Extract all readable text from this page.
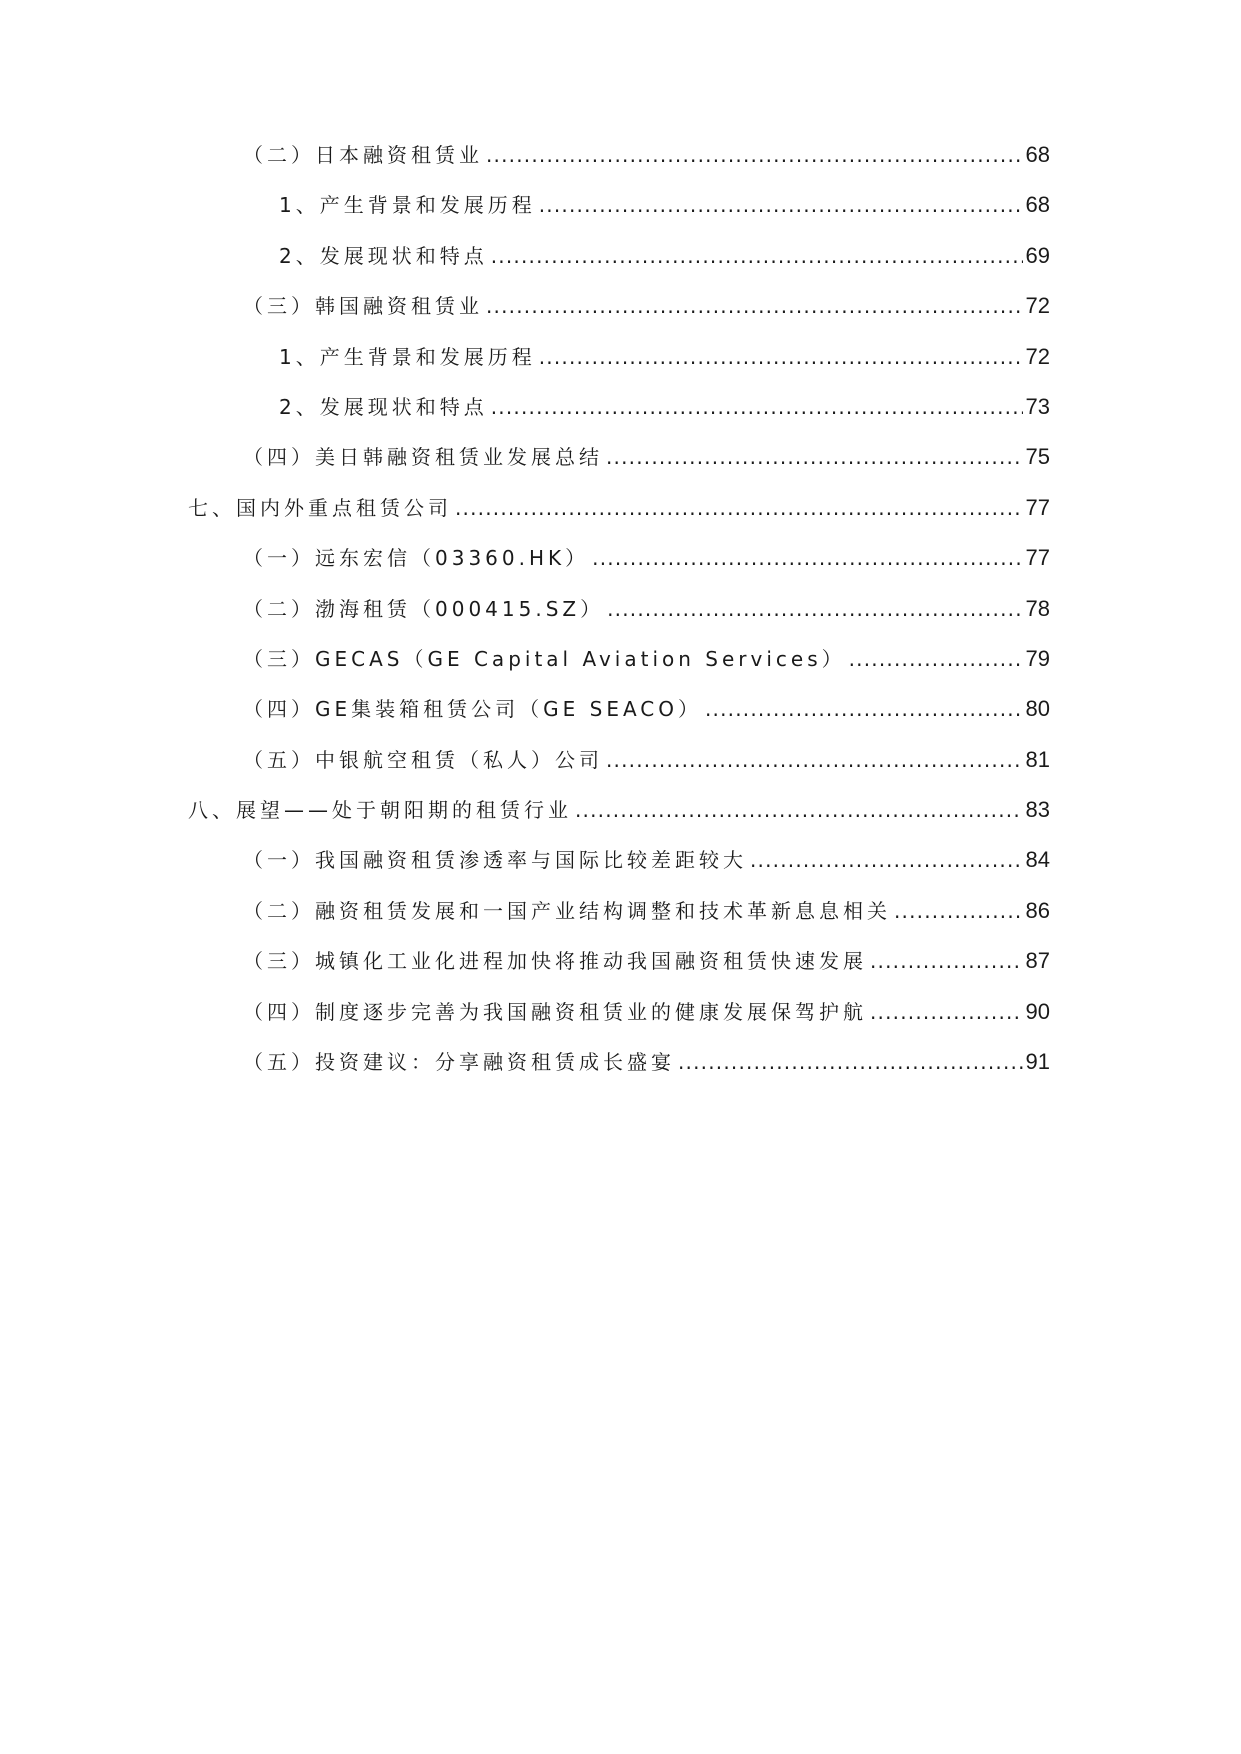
（二）日本融资租赁业 .....	68
1、产生背景和发展历程 .....	68
2、发展现状和特点 .....	69
（三）韩国融资租赁业 .....	72
1、产生背景和发展历程 .....	72
2、发展现状和特点 .....	73
（四）美日韩融资租赁业发展总结 .....	75
七、国内外重点租赁公司 .....	77
（一）远东宏信（03360.HK） .....	77
（二）渤海租赁（000415.SZ） .....	78
（三）GECAS（GE Capital Aviation Services） .....	79
（四）GE集装箱租赁公司（GE SEACO） .....	80
（五）中银航空租赁（私人）公司 .....	81
八、展望——处于朝阳期的租赁行业 .....	83
（一）我国融资租赁渗透率与国际比较差距较大 .....	84
（二）融资租赁发展和一国产业结构调整和技术革新息息相关 .....	86
（三）城镇化工业化进程加快将推动我国融资租赁快速发展 .....	87
（四）制度逐步完善为我国融资租赁业的健康发展保驾护航 .....	90
（五）投资建议：分享融资租赁成长盛宴 .....	91
